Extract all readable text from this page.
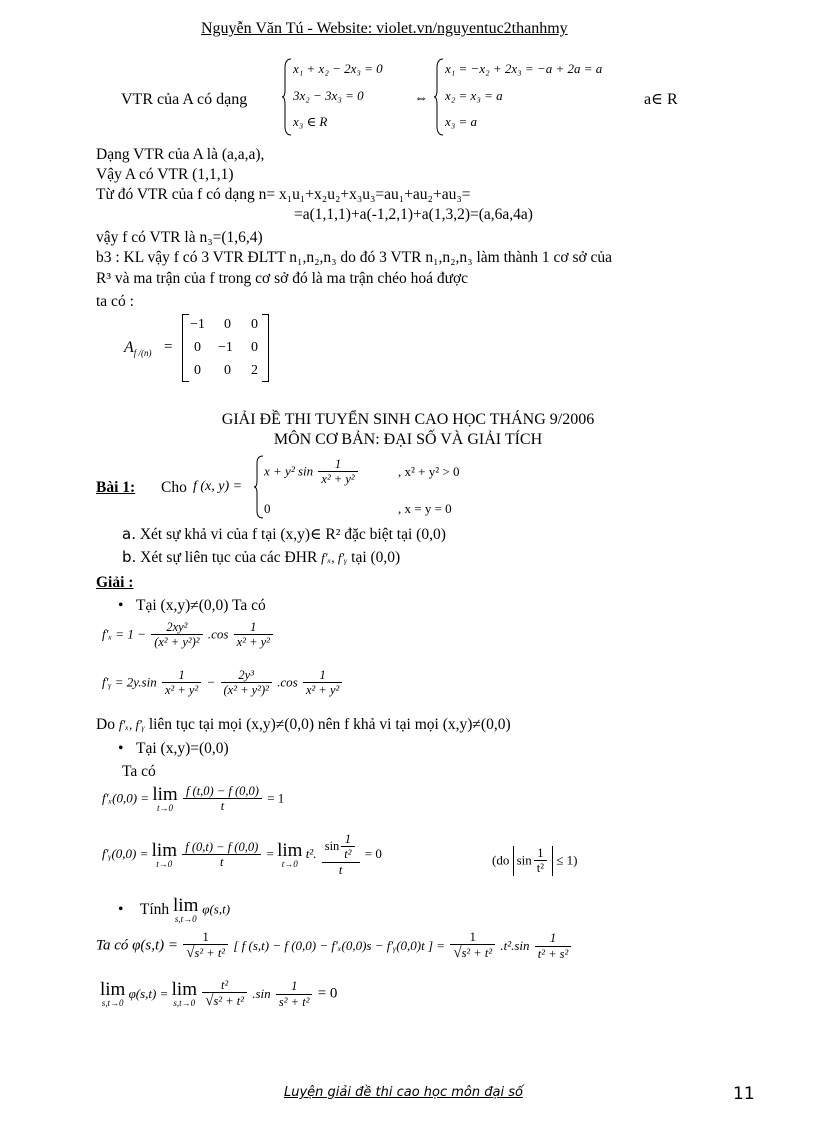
Nguyễn Văn Tú - Website: violet.vn/nguyentuc2thanhmy
VTR của A có dạng
x₁ + x₂ − 2x₃ = 0
3x₂ − 3x₃ = 0
x₃ ∈ R
⇔
x₁ = −x₂ + 2x₃ = −a + 2a = a
x₂ = x₃ = a
x₃ = a
a∈ R
Dạng VTR của A là (a,a,a),
Vậy A có VTR (1,1,1)
Từ đó VTR của f có dạng n= x₁u₁+x₂u₂+x₃u₃=au₁+au₂+au₃=
=a(1,1,1)+a(-1,2,1)+a(1,3,2)=(a,6a,4a)
vậy f có VTR là n₃=(1,6,4)
b3 : KL vậy f có 3 VTR ĐLTT n₁,n₂,n₃ do đó 3 VTR n₁,n₂,n₃ làm thành 1 cơ sở của
R³ và ma trận của f trong cơ sở đó là ma trận chéo hoá được
ta có :
$A_{f /(n)}$ =
−1 0 0
0 −1 0
0 0 2
GIẢI ĐỀ THI TUYỂN SINH CAO HỌC THÁNG 9/2006
MÔN CƠ BẢN: ĐẠI SỐ VÀ GIẢI TÍCH
Bài 1: Cho f (x, y) =
x + y² $\sin \frac{1}{\text{x² + y²}}$	, x² + y² > 0
0	, x = y = 0
a. Xét sự khả vi của f tại (x,y)∈ R² đặc biệt tại (0,0)
b. Xét sự liên tục của các ĐHR f′ₓ, f′ᵧ tại (0,0)
Giải :
• Tại (x,y)≠(0,0) Ta có
$f'_x = 1 - \frac{\text{2xy²}}{\text{(x² + y²)²}} .\cos \frac{1}{\text{x² + y²}}$
f′ᵧ = $2y.\sin \frac{1}{\text{x² + y²}} - \frac{\text{2y³}}{\text{(x² + y²)²}} .\cos \frac{1}{\text{x² + y²}}$
Do f′ₓ, f′ᵧ liên tục tại mọi (x,y)≠(0,0) nên f khả vi tại mọi (x,y)≠(0,0)
• Tại (x,y)=(0,0)
Ta có
f′ₓ(0,0) = lim
t→0
$\frac{f (t,0) - f (0,0)}{t} = 1$
f′ᵧ(0,0) = lim
t→0
$\frac{f (0,t) - f (0,0)}{t} = \lim$
t→0
t². $\frac{\sin \frac{1}{\text{t²}}}{t} = 0$	(do $\sin \frac{1}{\text{t²}} \le 1$)
• Tính lim
s,t→0
φ(s,t)
Ta có $\varphi(s,t) = \frac{1}{\text{√s² + t²}}$ [ f (s,t) − f (0,0) − f′ₓ(0,0)s − f′ᵧ(0,0)t ] = $\frac{1}{\text{√s² + t²}} .t^2.\sin \frac{1}{\text{t² + s²}}$
lim
s,t→0
φ(s,t) = lim
s,t→0
$\frac{\text{t²}}{\text{√s² + t²}} .\sin \frac{1}{\text{s² + t²}} = 0$
Luyện giải đề thi cao học môn đại số	11
